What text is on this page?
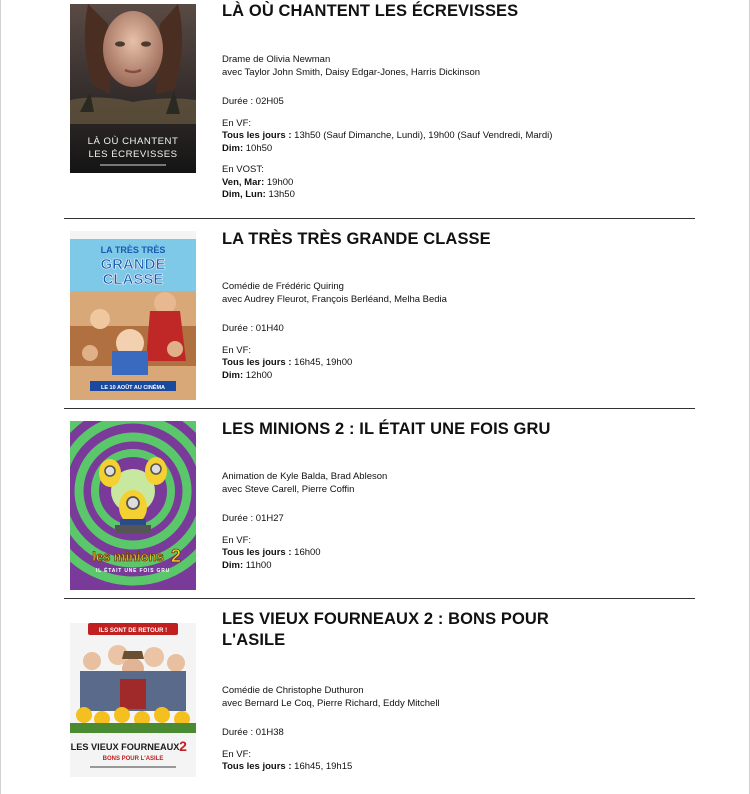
LÀ OÙ CHANTENT
LES ÉCREVISSES
LÀ OÙ CHANTENT LES ÉCREVISSES

Drame de Olivia Newman

avec Taylor John Smith, Daisy Edgar-Jones, Harris Dickinson

Durée : 02H05

En VF:

Tous les jours : 13h50 (Sauf Dimanche, Lundi), 19h00 (Sauf Vendredi, Mardi)

Dim: 10h50

En VOST:

Ven, Mar: 19h00

Dim, Lun: 13h50

LA TRÈS TRÈS
GRANDE
CLASSE
LE 10 AOÛT AU CINÉMA
LA TRÈS TRÈS GRANDE CLASSE

Comédie de Frédéric Quiring

avec Audrey Fleurot, François Berléand, Melha Bedia

Durée : 01H40

En VF:

Tous les jours : 16h45, 19h00

Dim: 12h00

les minions 2
IL ÉTAIT UNE FOIS GRU
LES MINIONS 2 : IL ÉTAIT UNE FOIS GRU

Animation de Kyle Balda, Brad Ableson

avec Steve Carell, Pierre Coffin

Durée : 01H27

En VF:

Tous les jours : 16h00

Dim: 11h00

ILS SONT DE RETOUR !
LES VIEUX FOURNEAUX 2
BONS POUR L'ASILE
LES VIEUX FOURNEAUX 2 : BONS POUR L'ASILE

Comédie de Christophe Duthuron

avec Bernard Le Coq, Pierre Richard, Eddy Mitchell

Durée : 01H38

En VF:

Tous les jours : 16h45, 19h15
